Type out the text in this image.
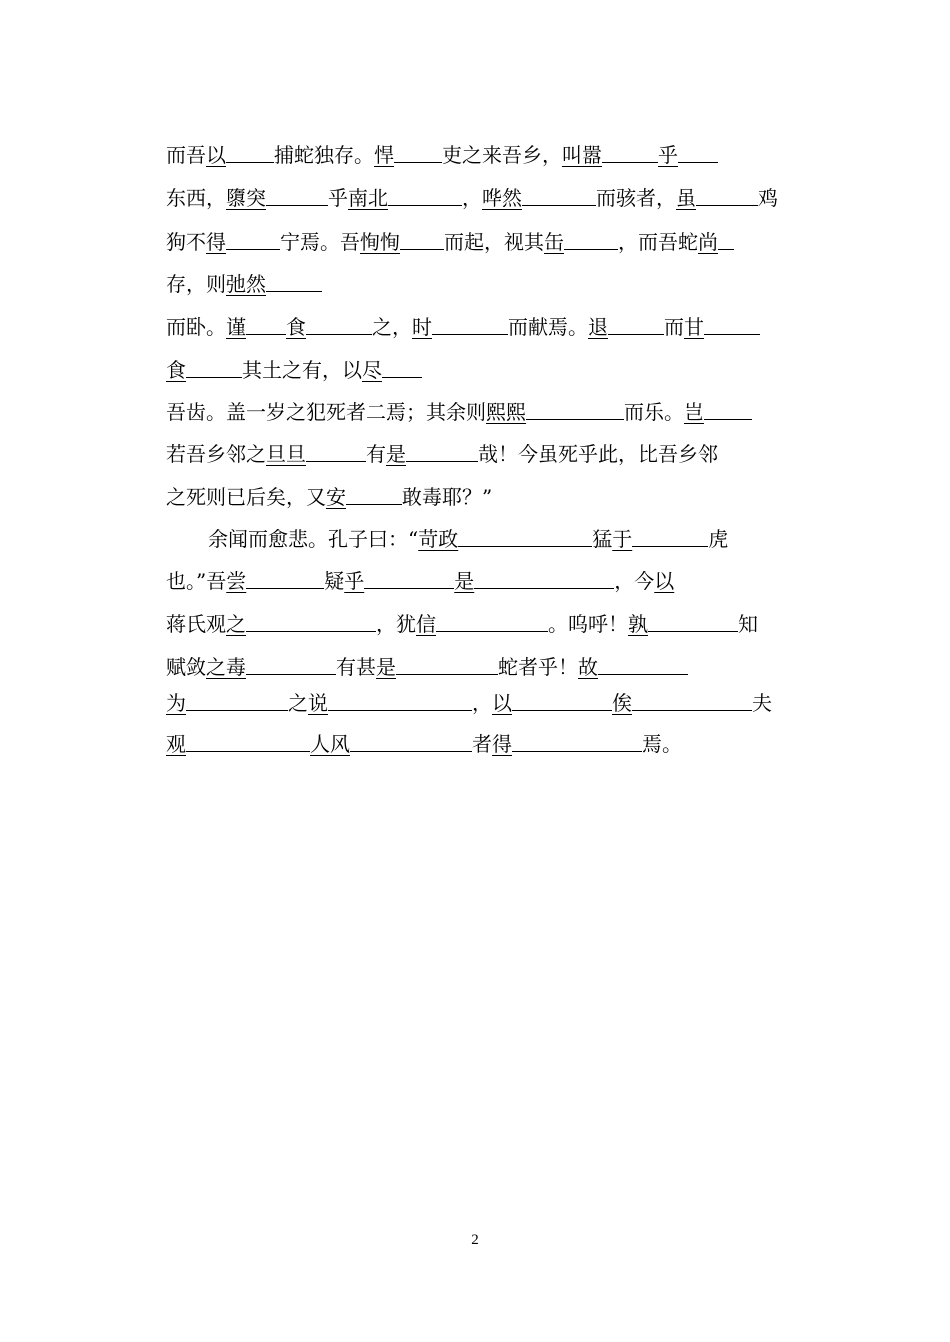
而吾以 捕蛇独存。悍 吏之来吾乡，叫嚣	乎
东西，隳突	乎南北	，哗然	而骇者，虽	鸡
狗不得	宁焉。吾恂恂 而起，视其缶	，而吾蛇尚
存，则弛然
而卧。谨 食	之，时	而献焉。退	而甘
食	其土之有，以尽
吾齿。盖一岁之犯死者二焉；其余则熙熙	而乐。岂
若吾乡邻之旦旦	有是	哉！今虽死乎此，比吾乡邻
之死则已后矣，又安	敢毒耶？”
余闻而愈悲。孔子曰：“苛政	猛于	虎
也。”吾尝	疑乎	是	，今以
蒋氏观之	，犹信	。呜呼！孰	知
赋敛之毒	有甚是	蛇者乎！故
为	之说	，以	俟	夫
观	人风	者得	焉。
2
